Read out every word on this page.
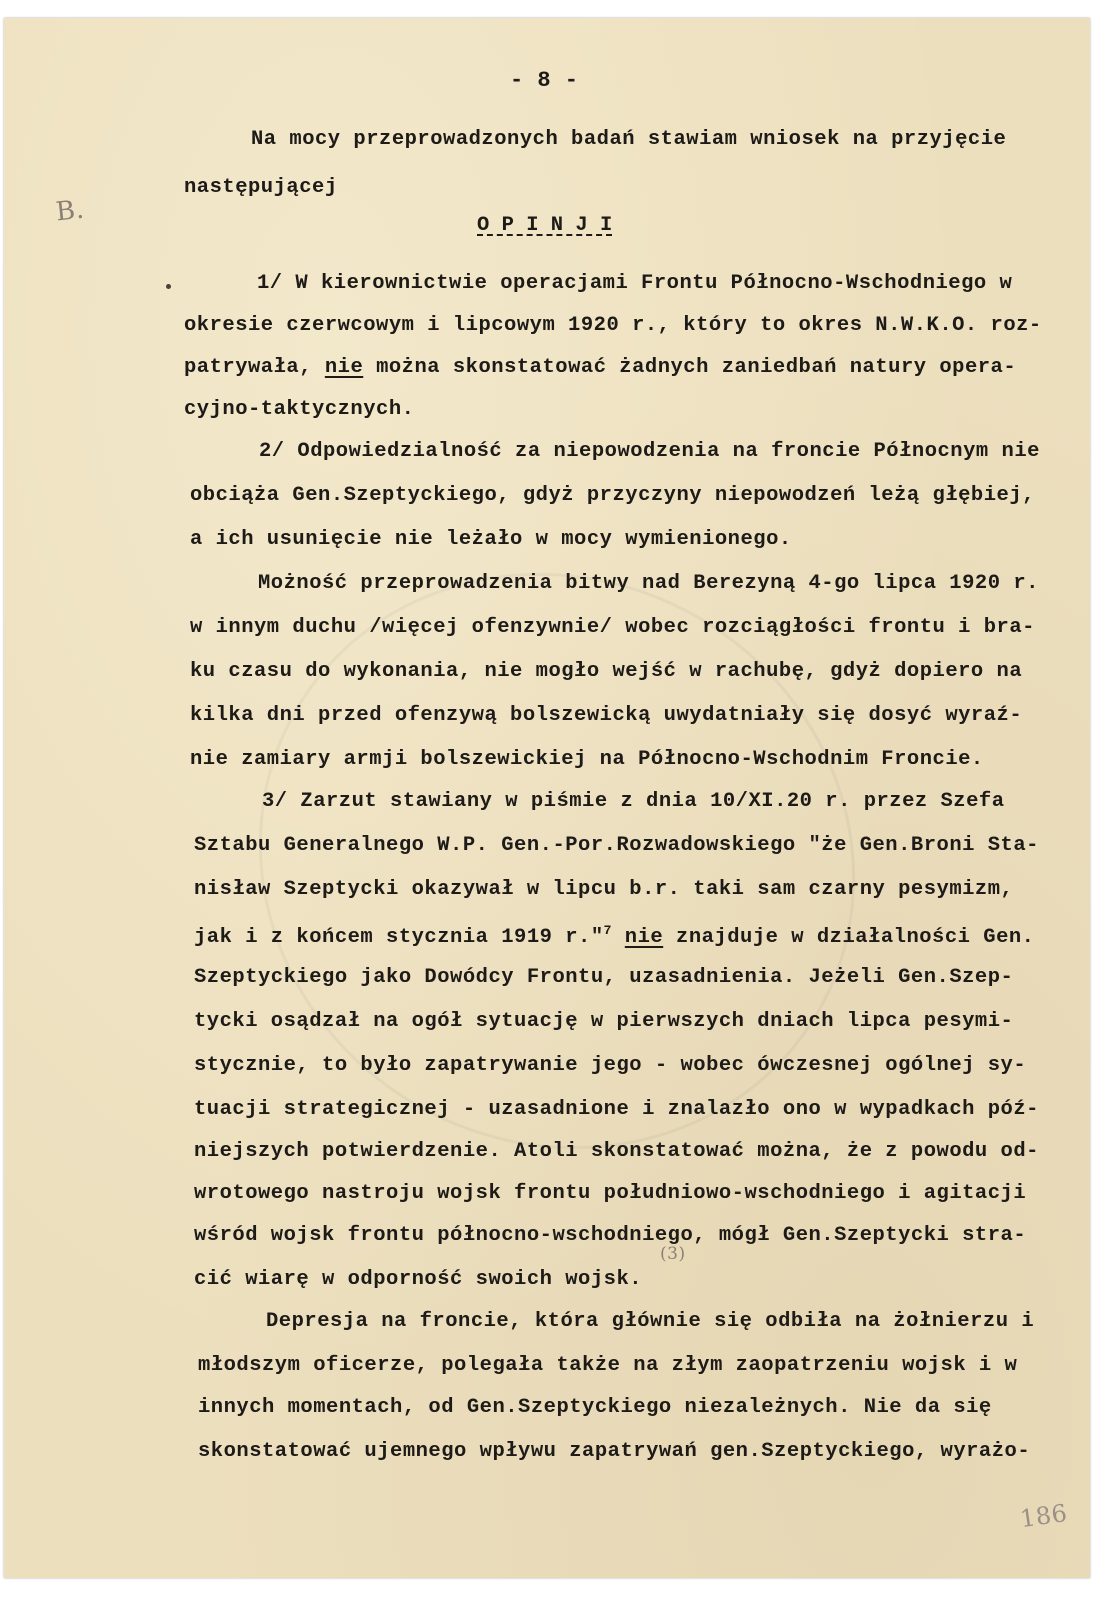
- 8 -
Na mocy przeprowadzonych badań stawiam wniosek na przyjęcie
następującej
B.	O P I N J I
1/ W kierownictwie operacjami Frontu Północno-Wschodniego w
okresie czerwcowym i lipcowym 1920 r., który to okres N.W.K.O. roz-
patrywała, nie można skonstatować żadnych zaniedbań natury opera-
cyjno-taktycznych.
2/ Odpowiedzialność za niepowodzenia na froncie Północnym nie
obciąża Gen.Szeptyckiego, gdyż przyczyny niepowodzeń leżą głębiej,
a ich usunięcie nie leżało w mocy wymienionego.
Możność przeprowadzenia bitwy nad Berezyną 4-go lipca 1920 r.
w innym duchu /więcej ofenzywnie/ wobec rozciągłości frontu i bra-
ku czasu do wykonania, nie mogło wejść w rachubę, gdyż dopiero na
kilka dni przed ofenzywą bolszewicką uwydatniały się dosyć wyraź-
nie zamiary armji bolszewickiej na Północno-Wschodnim Froncie.
3/ Zarzut stawiany w piśmie z dnia 10/XI.20 r. przez Szefa
Sztabu Generalnego W.P. Gen.-Por.Rozwadowskiego "że Gen.Broni Sta-
nisław Szeptycki okazywał w lipcu b.r. taki sam czarny pesymizm,
jak i z końcem stycznia 1919 r."$^7$ nie znajduje w działalności Gen.
Szeptyckiego jako Dowódcy Frontu, uzasadnienia. Jeżeli Gen.Szep-
tycki osądzał na ogół sytuację w pierwszych dniach lipca pesymi-
stycznie, to było zapatrywanie jego - wobec ówczesnej ogólnej sy-
tuacji strategicznej - uzasadnione i znalazło ono w wypadkach póź-
niejszych potwierdzenie. Atoli skonstatować można, że z powodu od-
wrotowego nastroju wojsk frontu południowo-wschodniego i agitacji
wśród wojsk frontu północno-wschodniego, mógł Gen.Szeptycki stra-
cić wiarę w odporność swoich wojsk.
(3)
Depresja na froncie, która głównie się odbiła na żołnierzu i
młodszym oficerze, polegała także na złym zaopatrzeniu wojsk i w
innych momentach, od Gen.Szeptyckiego niezależnych. Nie da się
skonstatować ujemnego wpływu zapatrywań gen.Szeptyckiego, wyrażo-
186
